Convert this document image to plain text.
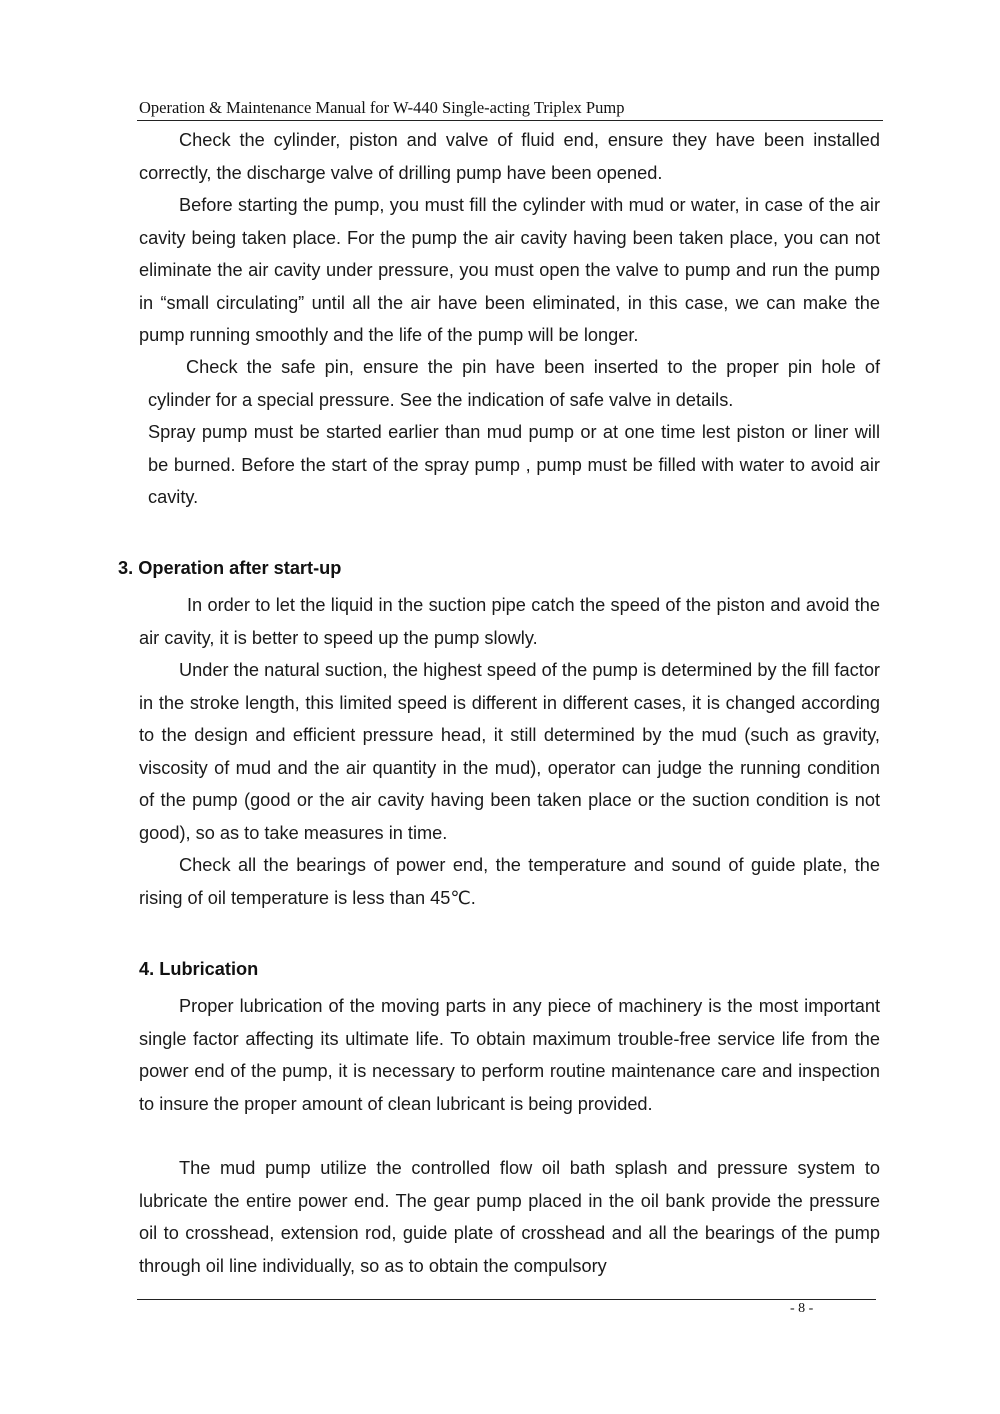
Operation & Maintenance Manual for W-440 Single-acting Triplex Pump

Check the cylinder, piston and valve of fluid end, ensure they have been installed correctly, the discharge valve of drilling pump have been opened.

Before starting the pump, you must fill the cylinder with mud or water, in case of the air cavity being taken place. For the pump the air cavity having been taken place, you can not eliminate the air cavity under pressure, you must open the valve to pump and run the pump in “small circulating” until all the air have been eliminated, in this case, we can make the pump running smoothly and the life of the pump will be longer.

Check the safe pin, ensure the pin have been inserted to the proper pin hole of cylinder for a special pressure. See the indication of safe valve in details.

Spray pump must be started earlier than mud pump or at one time lest piston or liner will be burned. Before the start of the spray pump , pump must be filled with water to avoid air cavity.

3. Operation after start-up

In order to let the liquid in the suction pipe catch the speed of the piston and avoid the air cavity, it is better to speed up the pump slowly.

Under the natural suction, the highest speed of the pump is determined by the fill factor in the stroke length, this limited speed is different in different cases, it is changed according to the design and efficient pressure head, it still determined by the mud (such as gravity, viscosity of mud and the air quantity in the mud), operator can judge the running condition of the pump (good or the air cavity having been taken place or the suction condition is not good), so as to take measures in time.

Check all the bearings of power end, the temperature and sound of guide plate, the rising of oil temperature is less than 45℃.

4. Lubrication

Proper lubrication of the moving parts in any piece of machinery is the most important single factor affecting its ultimate life. To obtain maximum trouble-free service life from the power end of the pump, it is necessary to perform routine maintenance care and inspection to insure the proper amount of clean lubricant is being provided.

The mud pump utilize the controlled flow oil bath splash and pressure system to lubricate the entire power end. The gear pump placed in the oil bank provide the pressure oil to crosshead, extension rod, guide plate of crosshead and all the bearings of the pump through oil line individually, so as to obtain the compulsory

- 8 -
